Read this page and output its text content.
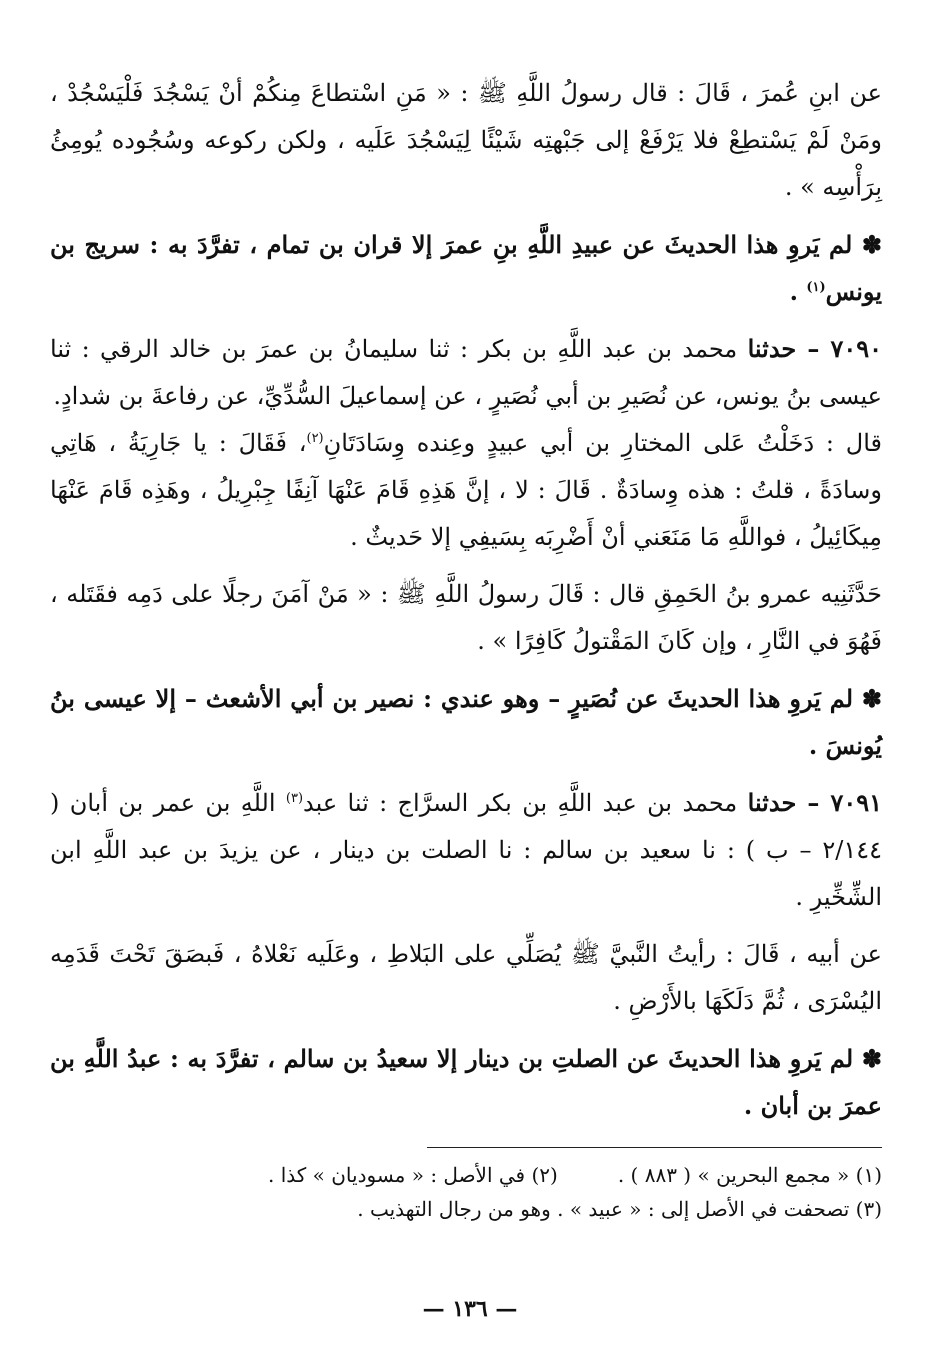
عن ابنِ عُمرَ ، قَالَ : قال رسولُ اللَّهِ ﷺ : « مَنِ اسْتطاعَ مِنكُمْ أنْ يَسْجُدَ فَلْيَسْجُدْ ، ومَنْ لَمْ يَسْتطِعْ فلا يَرْفَعْ إلى جَبْهتِه شَيْئًا لِيَسْجُدَ عَلَيه ، ولكن ركوعه وسُجُوده يُومِئُ بِرَأْسِه » .

✽ لم يَروِ هذا الحديثَ عن عبيدِ اللَّهِ بنِ عمرَ إلا قران بن تمام ، تفرَّدَ به : سريج بن يونس$^{(١)}$ .

٧٠٩٠ – حدثنا محمد بن عبد اللَّهِ بن بكر : ثنا سليمانُ بن عمرَ بن خالد الرقي : ثنا عيسى بنُ يونس، عن نُصَيرِ بن أبي نُصَيرٍ ، عن إسماعيلَ السُّدِّيِّ، عن رفاعةَ بن شدادٍ.

قال : دَخَلْتُ عَلى المختارِ بن أبي عبيدٍ وعِنده وِسَادَتَانِ$^{(٢)}$، فَقَالَ : يا جَارِيَةُ ، هَاتِي وسادَةً ، قلتُ : هذه وِسادَةٌ . قَالَ : لا ، إنَّ هَذِهِ قَامَ عَنْهَا آنِفًا جِبْرِيلُ ، وهَذِه قَامَ عَنْهَا مِيكَائِيلُ ، فواللَّهِ مَا مَنَعَني أنْ أَضْرِبَه بِسَيفِي إلا حَديثٌ .

حَدَّثَنِيه عمرو بنُ الحَمِقِ قال : قَالَ رسولُ اللَّهِ ﷺ : « مَنْ آمَنَ رجلًا على دَمِه فقَتَله ، فَهُوَ في النَّارِ ، وإن كَانَ المَقْتولُ كَافِرًا » .

✽ لم يَروِ هذا الحديثَ عن نُصَيرٍ – وهو عندي : نصير بن أبي الأشعث – إلا عيسى بنُ يُونسَ .

٧٠٩١ – حدثنا محمد بن عبد اللَّهِ بن بكر السرَّاج : ثنا عبد$^{(٣)}$ اللَّهِ بن عمر بن أبان ( ٢/١٤٤ – ب ) : نا سعيد بن سالم : نا الصلت بن دينار ، عن يزيدَ بن عبد اللَّهِ ابن الشِّخِّيرِ .

عن أبيه ، قَالَ : رأيتُ النَّبيَّ ﷺ يُصَلِّي على البَلاطِ ، وعَلَيه نَعْلاهُ ، فَبصَقَ تَحْتَ قَدَمِه اليُسْرَى ، ثُمَّ دَلَكَهَا بالأَرْضِ .

✽ لم يَروِ هذا الحديثَ عن الصلتِ بن دينار إلا سعيدُ بن سالم ، تفرَّدَ به : عبدُ اللَّهِ بن عمرَ بن أبان .

(١) « مجمع البحرين » ( ٨٨٣ ) .
(٢) في الأصل : « مسوديان » كذا .
(٣) تصحفت في الأصل إلى : « عبيد » . وهو من رجال التهذيب .
— ١٣٦ —
